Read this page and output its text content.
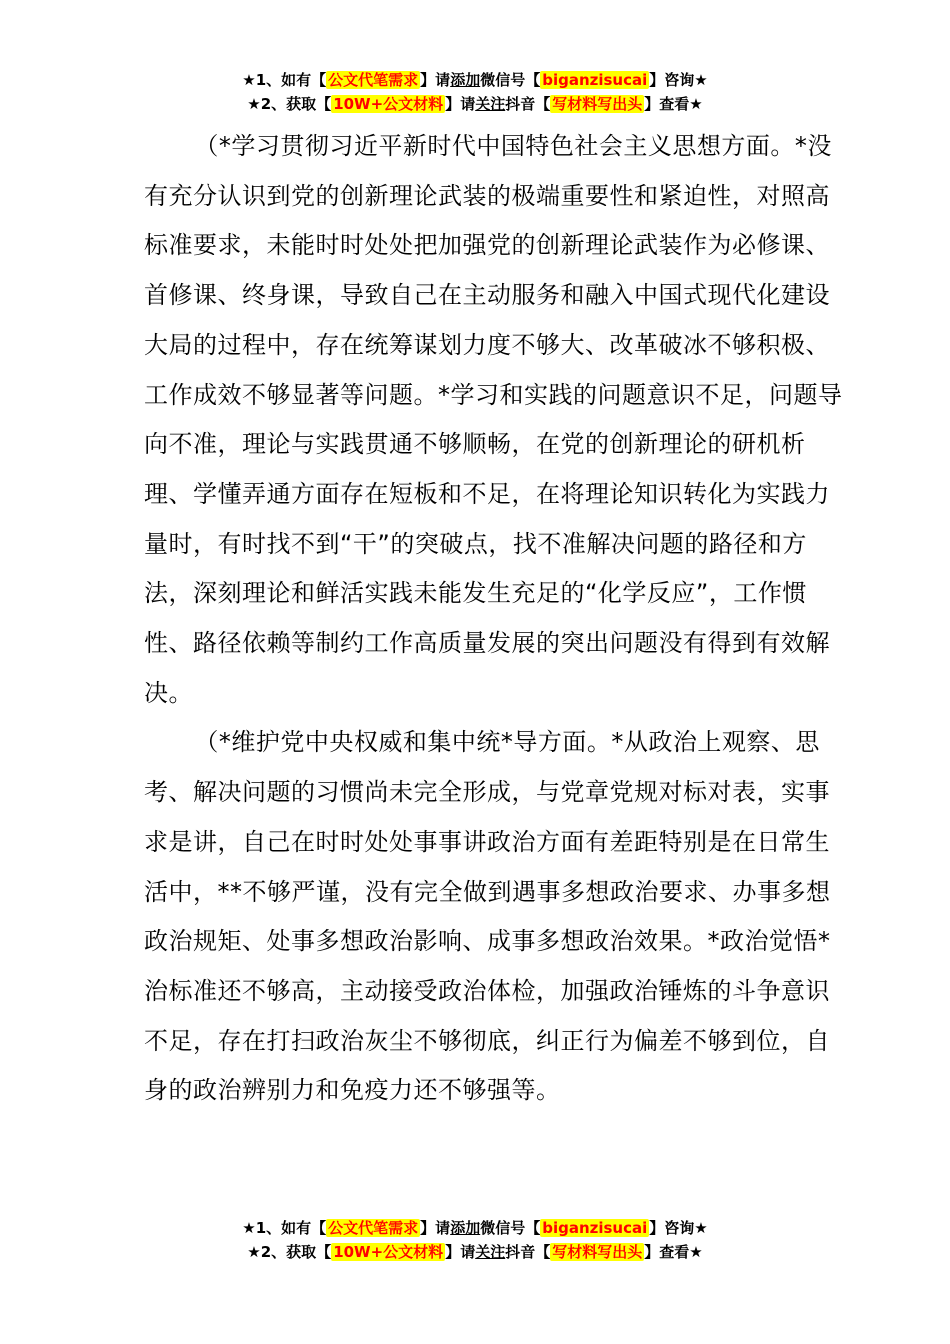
★1、如有【 公文代笔需求 】请添加微信号【 biganzisucai 】咨询★
★2、获取【 10W+公文材料 】请关注抖音【 写材料写出头 】查看★

（*学习贯彻习近平新时代中国特色社会主义思想方面。*没有充分认识到党的创新理论武装的极端重要性和紧迫性，对照高标准要求，未能时时处处把加强党的创新理论武装作为必修课、首修课、终身课，导致自己在主动服务和融入中国式现代化建设大局的过程中，存在统筹谋划力度不够大、改革破冰不够积极、工作成效不够显著等问题。*学习和实践的问题意识不足，问题导向不准，理论与实践贯通不够顺畅，在党的创新理论的研机析理、学懂弄通方面存在短板和不足，在将理论知识转化为实践力量时，有时找不到“干”的突破点，找不准解决问题的路径和方法，深刻理论和鲜活实践未能发生充足的“化学反应”，工作惯性、路径依赖等制约工作高质量发展的突出问题没有得到有效解决。

（*维护党中央权威和集中统*导方面。*从政治上观察、思考、解决问题的习惯尚未完全形成，与党章党规对标对表，实事求是讲，自己在时时处处事事讲政治方面有差距特别是在日常生活中，**不够严谨，没有完全做到遇事多想政治要求、办事多想政治规矩、处事多想政治影响、成事多想政治效果。*政治觉悟*治标准还不够高，主动接受政治体检，加强政治锤炼的斗争意识不足，存在打扫政治灰尘不够彻底，纠正行为偏差不够到位，自身的政治辨别力和免疫力还不够强等。

★1、如有【 公文代笔需求 】请添加微信号【 biganzisucai 】咨询★
★2、获取【 10W+公文材料 】请关注抖音【 写材料写出头 】查看★
